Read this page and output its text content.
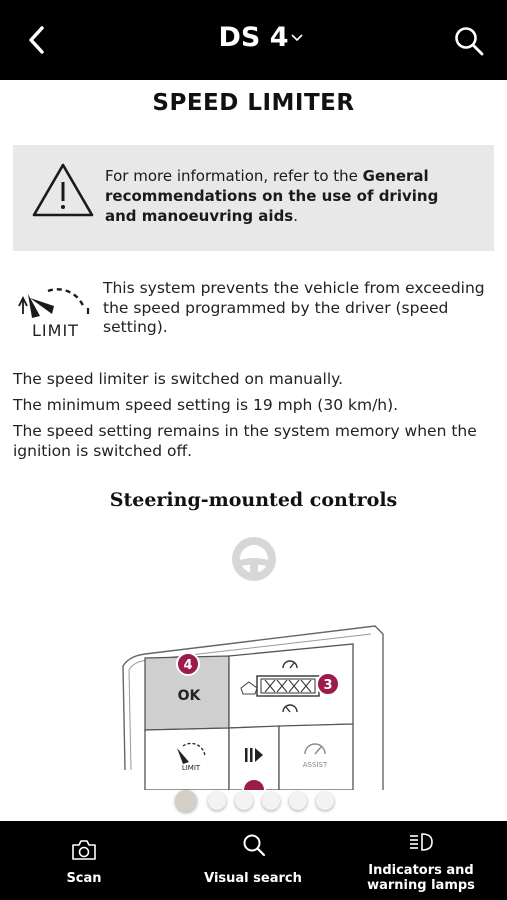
DS 4
SPEED LIMITER
For more information, refer to the General recommendations on the use of driving and manoeuvring aids.
LIMIT
This system prevents the vehicle from exceeding the speed programmed by the driver (speed setting).
The speed limiter is switched on manually.
The minimum speed setting is 19 mph (30 km/h).
The speed setting remains in the system memory when the ignition is switched off.
Steering-mounted controls
4
3
OK
LIMIT	ASSIST
Scan	Visual search
Indicators and warning lamps
